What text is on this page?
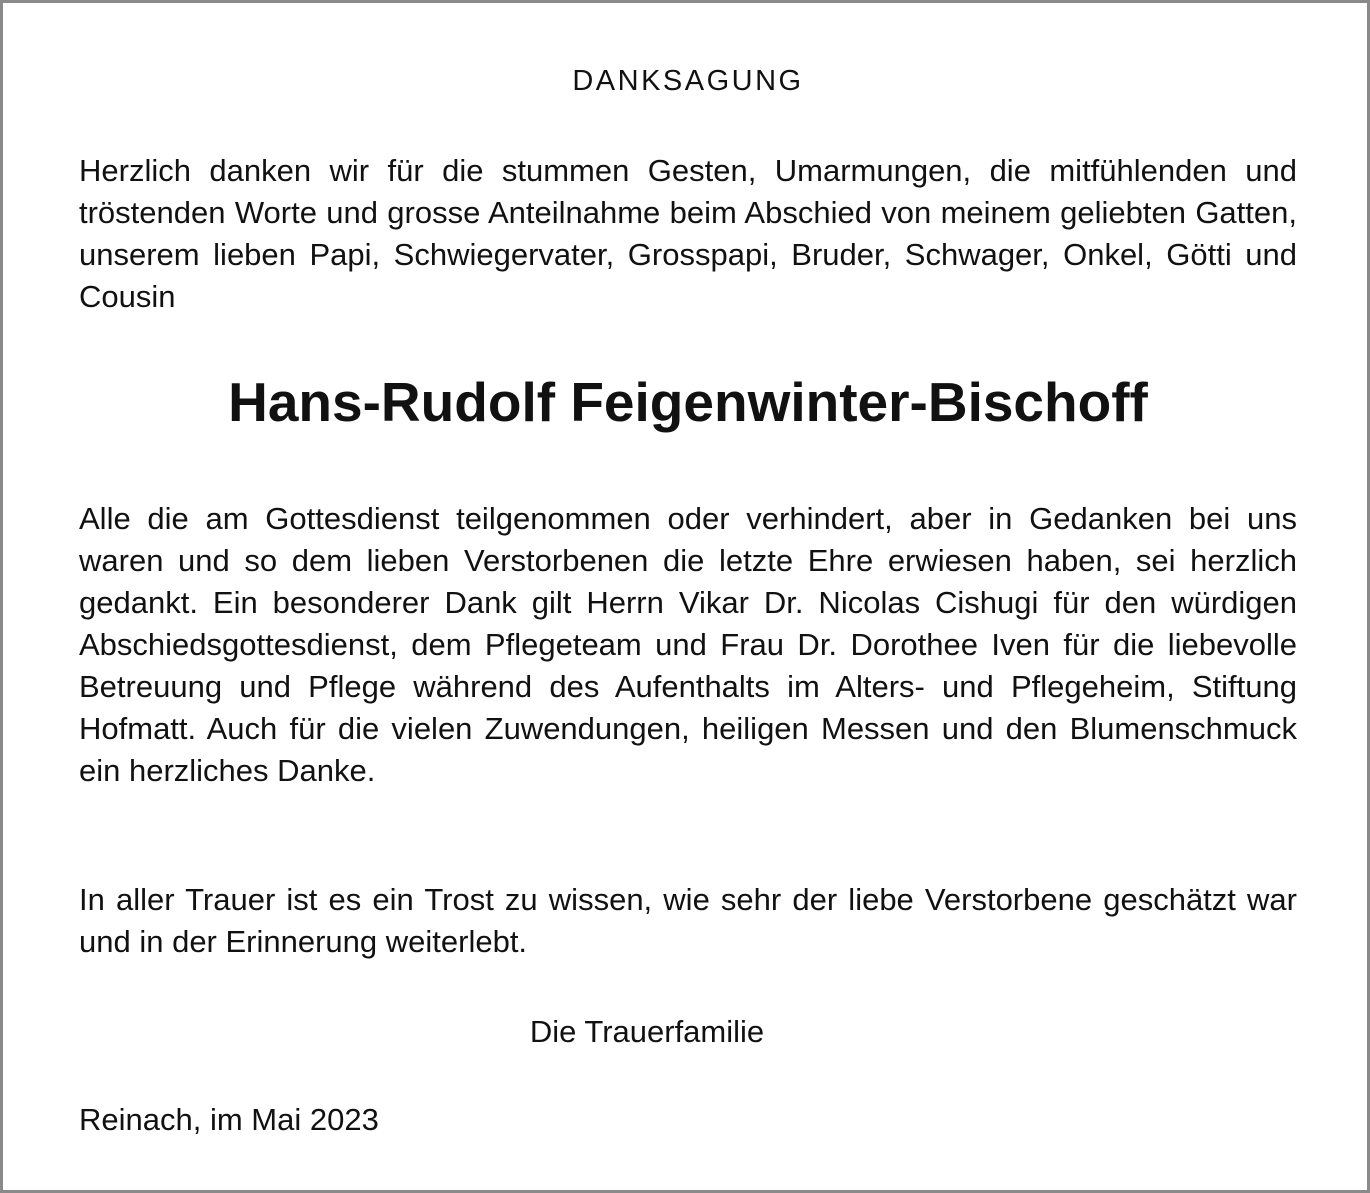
DANKSAGUNG
Herzlich danken wir für die stummen Gesten, Umarmungen, die mitfühlenden und tröstenden Worte und grosse Anteilnahme beim Abschied von meinem geliebten Gatten, unserem lieben Papi, Schwiegervater, Grosspapi, Bruder, Schwager, Onkel, Götti und Cousin
Hans-Rudolf Feigenwinter-Bischoff
Alle die am Gottesdienst teilgenommen oder verhindert, aber in Gedanken bei uns waren und so dem lieben Verstorbenen die letzte Ehre erwiesen haben, sei herzlich gedankt. Ein besonderer Dank gilt Herrn Vikar Dr. Nicolas Cishugi für den würdigen Abschiedsgottesdienst, dem Pflegeteam und Frau Dr. Dorothee Iven für die liebevolle Betreuung und Pflege während des Aufenthalts im Alters- und Pflegeheim, Stiftung Hofmatt. Auch für die vielen Zuwendungen, heiligen Messen und den Blumenschmuck ein herzliches Danke.
In aller Trauer ist es ein Trost zu wissen, wie sehr der liebe Verstorbene geschätzt war und in der Erinnerung weiterlebt.
Die Trauerfamilie
Reinach, im Mai 2023
